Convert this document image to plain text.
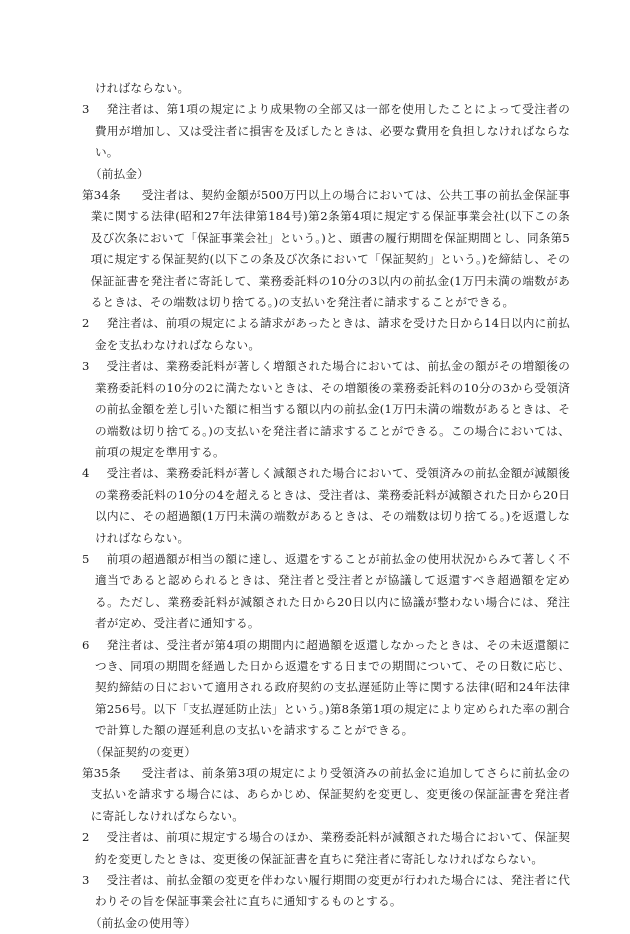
ければならない。

3	発注者は、第1項の規定により成果物の全部又は一部を使用したことによって受注者の費用が増加し、又は受注者に損害を及ぼしたときは、必要な費用を負担しなければならない。

（前払金）

第34条	受注者は、契約金額が500万円以上の場合においては、公共工事の前払金保証事業に関する法律(昭和27年法律第184号)第2条第4項に規定する保証事業会社(以下この条及び次条において「保証事業会社」という。)と、頭書の履行期間を保証期間とし、同条第5項に規定する保証契約(以下この条及び次条において「保証契約」という。)を締結し、その保証証書を発注者に寄託して、業務委託料の10分の3以内の前払金(1万円未満の端数があるときは、その端数は切り捨てる。)の支払いを発注者に請求することができる。
2	発注者は、前項の規定による請求があったときは、請求を受けた日から14日以内に前払金を支払わなければならない。
3	受注者は、業務委託料が著しく増額された場合においては、前払金の額がその増額後の業務委託料の10分の2に満たないときは、その増額後の業務委託料の10分の3から受領済の前払金額を差し引いた額に相当する額以内の前払金(1万円未満の端数があるときは、その端数は切り捨てる。)の支払いを発注者に請求することができる。この場合においては、前項の規定を準用する。
4	受注者は、業務委託料が著しく減額された場合において、受領済みの前払金額が減額後の業務委託料の10分の4を超えるときは、受注者は、業務委託料が減額された日から20日以内に、その超過額(1万円未満の端数があるときは、その端数は切り捨てる。)を返還しなければならない。
5	前項の超過額が相当の額に達し、返還をすることが前払金の使用状況からみて著しく不適当であると認められるときは、発注者と受注者とが協議して返還すべき超過額を定める。ただし、業務委託料が減額された日から20日以内に協議が整わない場合には、発注者が定め、受注者に通知する。
6	発注者は、受注者が第4項の期間内に超過額を返還しなかったときは、その未返還額につき、同項の期間を経過した日から返還をする日までの期間について、その日数に応じ、契約締結の日において適用される政府契約の支払遅延防止等に関する法律(昭和24年法律第256号。以下「支払遅延防止法」という。)第8条第1項の規定により定められた率の割合で計算した額の遅延利息の支払いを請求することができる。

（保証契約の変更）

第35条	受注者は、前条第3項の規定により受領済みの前払金に追加してさらに前払金の支払いを請求する場合には、あらかじめ、保証契約を変更し、変更後の保証証書を発注者に寄託しなければならない。
2	受注者は、前項に規定する場合のほか、業務委託料が減額された場合において、保証契約を変更したときは、変更後の保証証書を直ちに発注者に寄託しなければならない。
3	受注者は、前払金額の変更を伴わない履行期間の変更が行われた場合には、発注者に代わりその旨を保証事業会社に直ちに通知するものとする。

（前払金の使用等）
